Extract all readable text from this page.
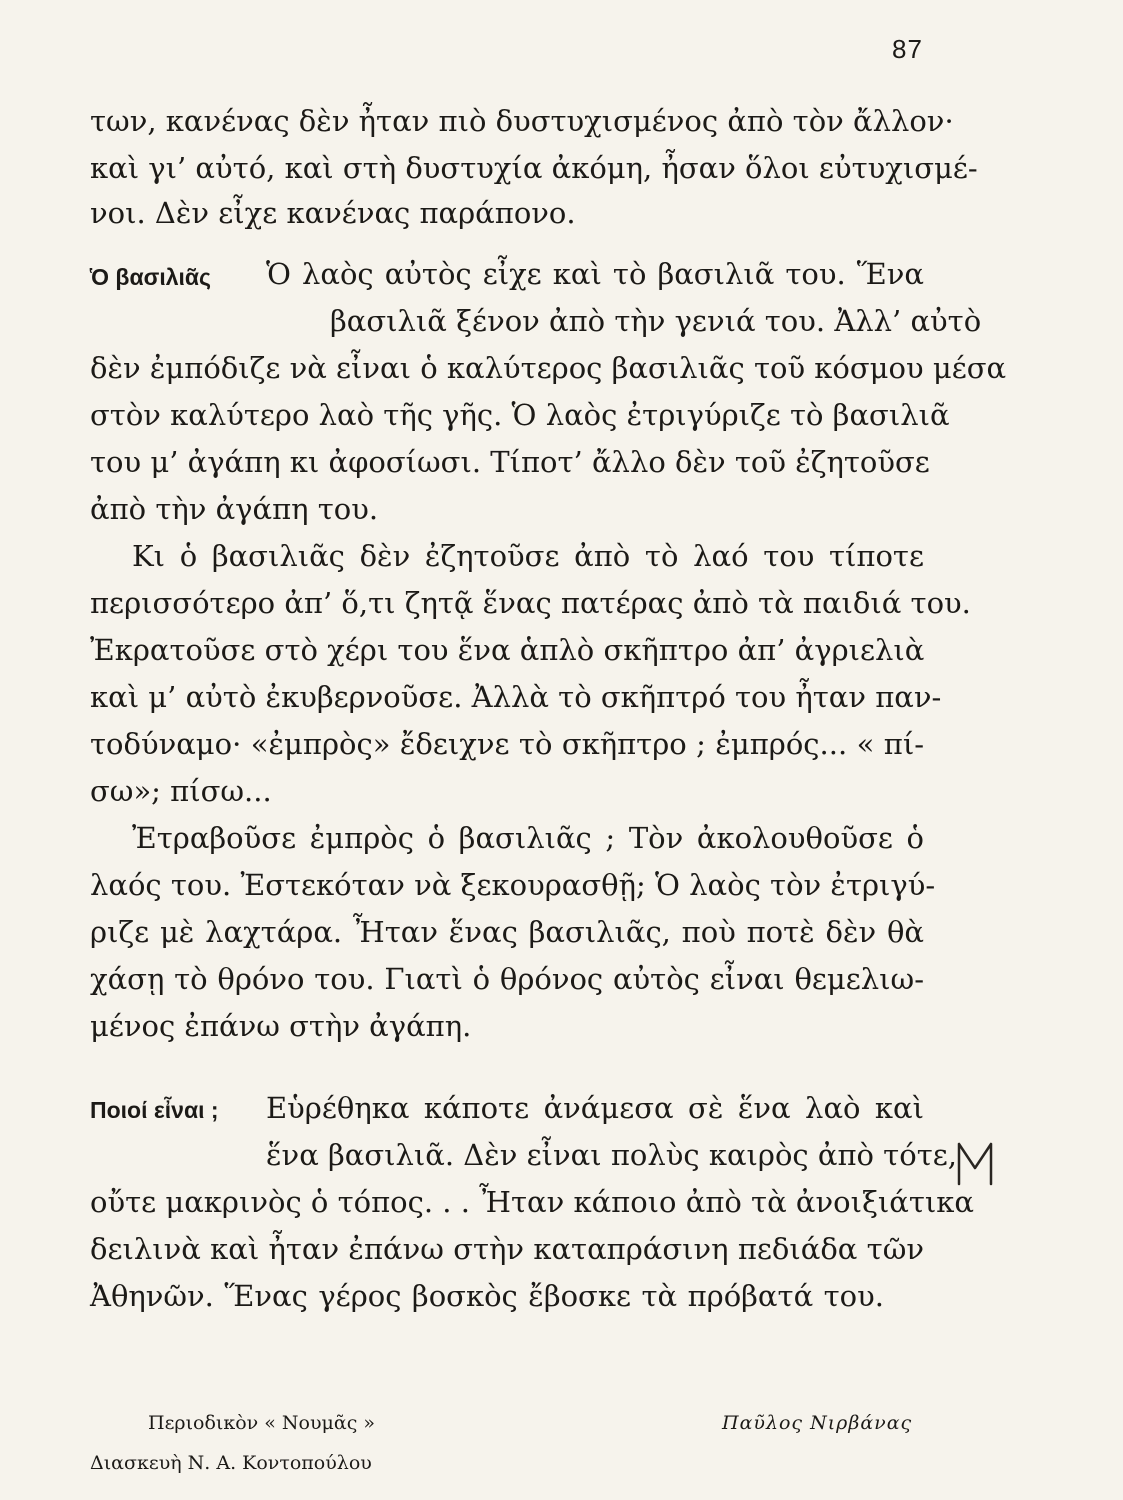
87
των, κανένας δὲν ἦταν πιὸ δυστυχισμένος ἀπὸ τὸν ἄλλον·
καὶ γι’ αὐτό, καὶ στὴ δυστυχία ἀκόμη, ἦσαν ὅλοι εὐτυχισμέ-
νοι. Δὲν εἶχε κανένας παράπονο.
Ὁ βασιλιᾶς Ὁ λαὸς αὐτὸς εἶχε καὶ τὸ βασιλιᾶ του. Ἕνα
βασιλιᾶ ξένον ἀπὸ τὴν γενιά του. Ἀλλ’ αὐτὸ
δὲν ἐμπόδιζε νὰ εἶναι ὁ καλύτερος βασιλιᾶς τοῦ κόσμου μέσα
στὸν καλύτερο λαὸ τῆς γῆς. Ὁ λαὸς ἐτριγύριζε τὸ βασιλιᾶ
του μ’ ἀγάπη κι ἀφοσίωσι. Τίποτ’ ἄλλο δὲν τοῦ ἐζητοῦσε
ἀπὸ τὴν ἀγάπη του.
Κι ὁ βασιλιᾶς δὲν ἐζητοῦσε ἀπὸ τὸ λαό του τίποτε
περισσότερο ἀπ’ ὅ,τι ζητᾷ ἕνας πατέρας ἀπὸ τὰ παιδιά του.
Ἐκρατοῦσε στὸ χέρι του ἕνα ἁπλὸ σκῆπτρο ἀπ’ ἀγριελιὰ
καὶ μ’ αὐτὸ ἐκυβερνοῦσε. Ἀλλὰ τὸ σκῆπτρό του ἦταν παν-
τοδύναμο· «ἐμπρὸς» ἔδειχνε τὸ σκῆπτρο ; ἐμπρός... « πί-
σω»; πίσω...
Ἐτραβοῦσε ἐμπρὸς ὁ βασιλιᾶς ; Τὸν ἀκολουθοῦσε ὁ
λαός του. Ἐστεκόταν νὰ ξεκουρασθῇ; Ὁ λαὸς τὸν ἐτριγύ-
ριζε μὲ λαχτάρα. Ἦταν ἕνας βασιλιᾶς, ποὺ ποτὲ δὲν θὰ
χάσῃ τὸ θρόνο του. Γιατὶ ὁ θρόνος αὐτὸς εἶναι θεμελιω-
μένος ἐπάνω στὴν ἀγάπη.
Ποιοί εἶναι ; Εὑρέθηκα κάποτε ἀνάμεσα σὲ ἕνα λαὸ καὶ
ἕνα βασιλιᾶ. Δὲν εἶναι πολὺς καιρὸς ἀπὸ τότε,
οὔτε μακρινὸς ὁ τόπος. . . Ἦταν κάποιο ἀπὸ τὰ ἀνοιξιάτικα
δειλινὰ καὶ ἦταν ἐπάνω στὴν καταπράσινη πεδιάδα τῶν
Ἀθηνῶν. Ἕνας γέρος βοσκὸς ἔβοσκε τὰ πρόβατά του.
Περιοδικὸν « Νουμᾶς »
Διασκευὴ Ν. Α. Κοντοπούλου
Παῦλος Νιρβάνας
